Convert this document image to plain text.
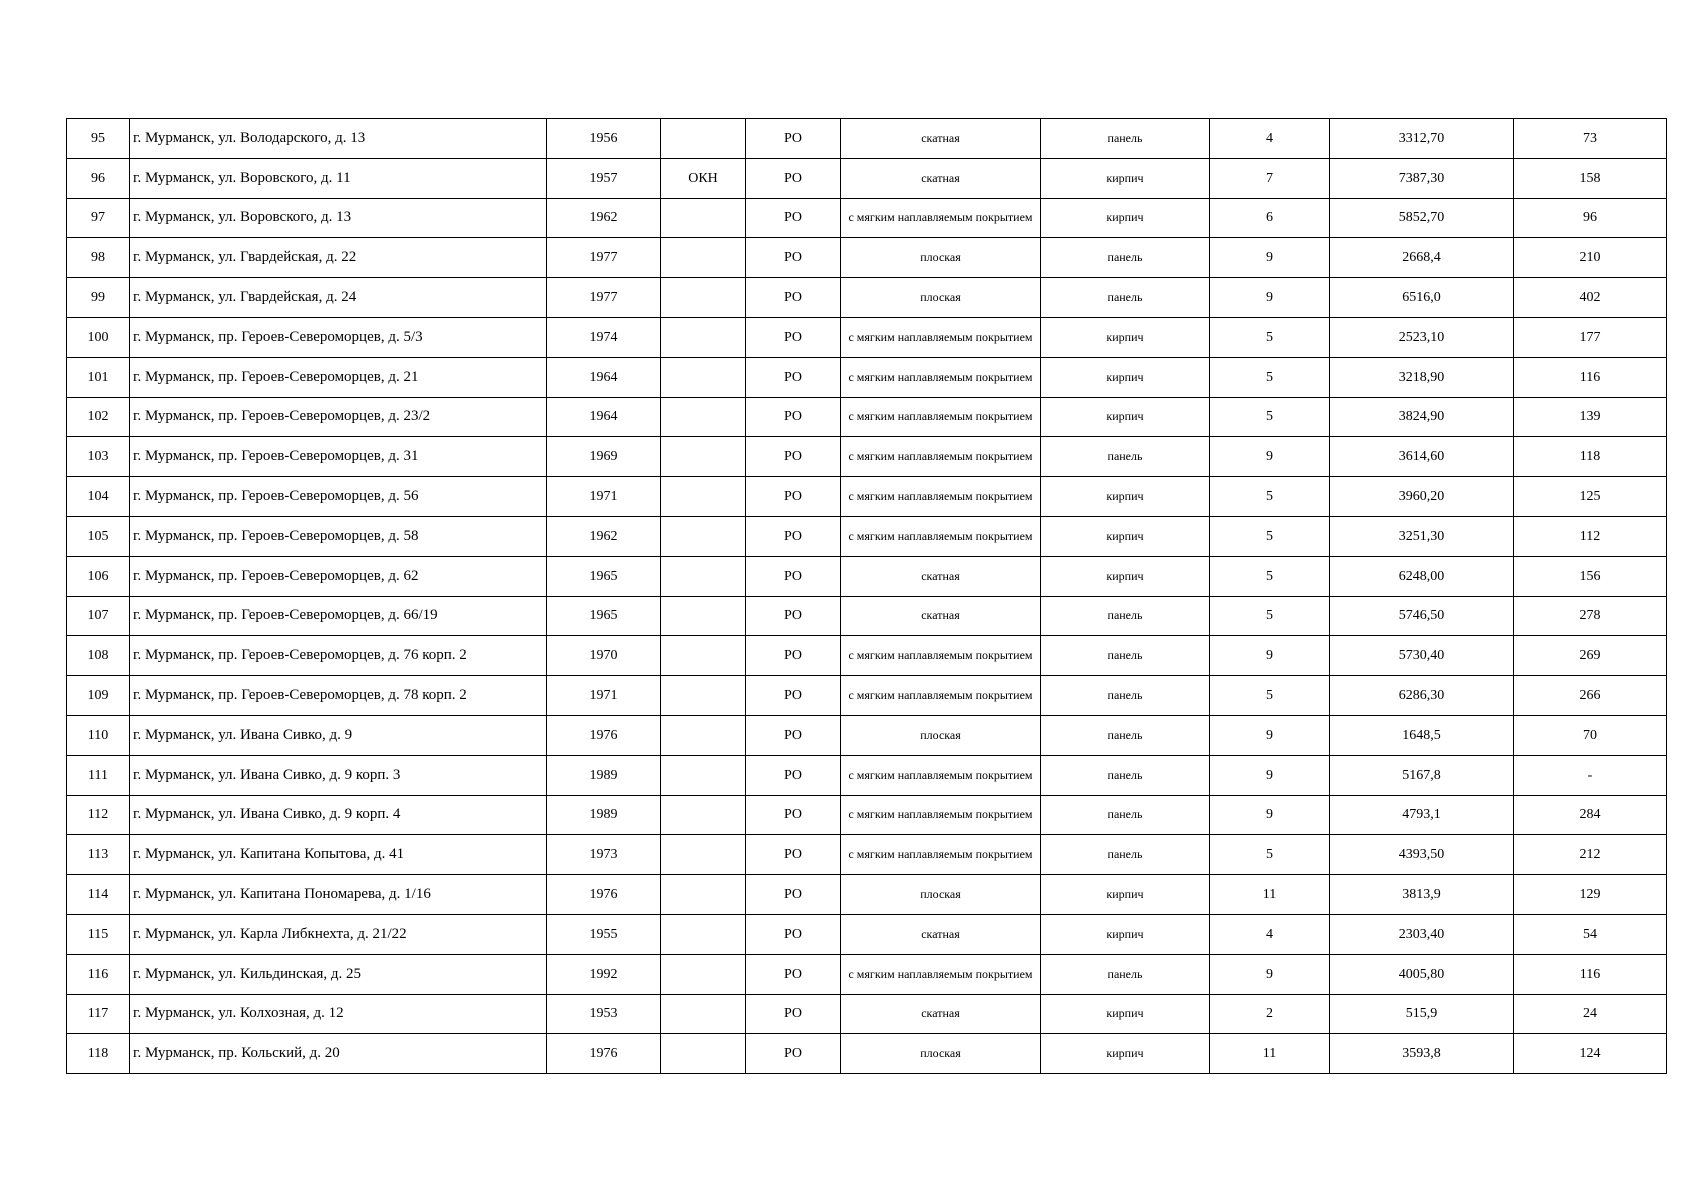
95	г. Мурманск, ул. Володарского, д. 13	1956		РО	скатная	панель	4	3312,70	73
96	г. Мурманск, ул. Воровского, д. 11	1957	ОКН	РО	скатная	кирпич	7	7387,30	158
97	г. Мурманск, ул. Воровского, д. 13	1962		РО	с мягким наплавляемым покрытием	кирпич	6	5852,70	96
98	г. Мурманск, ул. Гвардейская, д. 22	1977		РО	плоская	панель	9	2668,4	210
99	г. Мурманск, ул. Гвардейская, д. 24	1977		РО	плоская	панель	9	6516,0	402
100	г. Мурманск, пр. Героев-Североморцев, д. 5/3	1974		РО	с мягким наплавляемым покрытием	кирпич	5	2523,10	177
101	г. Мурманск, пр. Героев-Североморцев, д. 21	1964		РО	с мягким наплавляемым покрытием	кирпич	5	3218,90	116
102	г. Мурманск, пр. Героев-Североморцев, д. 23/2	1964		РО	с мягким наплавляемым покрытием	кирпич	5	3824,90	139
103	г. Мурманск, пр. Героев-Североморцев, д. 31	1969		РО	с мягким наплавляемым покрытием	панель	9	3614,60	118
104	г. Мурманск, пр. Героев-Североморцев, д. 56	1971		РО	с мягким наплавляемым покрытием	кирпич	5	3960,20	125
105	г. Мурманск, пр. Героев-Североморцев, д. 58	1962		РО	с мягким наплавляемым покрытием	кирпич	5	3251,30	112
106	г. Мурманск, пр. Героев-Североморцев, д. 62	1965		РО	скатная	кирпич	5	6248,00	156
107	г. Мурманск, пр. Героев-Североморцев, д. 66/19	1965		РО	скатная	панель	5	5746,50	278
108	г. Мурманск, пр. Героев-Североморцев, д. 76 корп. 2	1970		РО	с мягким наплавляемым покрытием	панель	9	5730,40	269
109	г. Мурманск, пр. Героев-Североморцев, д. 78 корп. 2	1971		РО	с мягким наплавляемым покрытием	панель	5	6286,30	266
110	г. Мурманск, ул. Ивана Сивко, д. 9	1976		РО	плоская	панель	9	1648,5	70
111	г. Мурманск, ул. Ивана Сивко, д. 9 корп. 3	1989		РО	с мягким наплавляемым покрытием	панель	9	5167,8	-
112	г. Мурманск, ул. Ивана Сивко, д. 9 корп. 4	1989		РО	с мягким наплавляемым покрытием	панель	9	4793,1	284
113	г. Мурманск, ул. Капитана Копытова, д. 41	1973		РО	с мягким наплавляемым покрытием	панель	5	4393,50	212
114	г. Мурманск, ул. Капитана Пономарева, д. 1/16	1976		РО	плоская	кирпич	11	3813,9	129
115	г. Мурманск, ул. Карла Либкнехта, д. 21/22	1955		РО	скатная	кирпич	4	2303,40	54
116	г. Мурманск, ул. Кильдинская, д. 25	1992		РО	с мягким наплавляемым покрытием	панель	9	4005,80	116
117	г. Мурманск, ул. Колхозная, д. 12	1953		РО	скатная	кирпич	2	515,9	24
118	г. Мурманск, пр. Кольский, д. 20	1976		РО	плоская	кирпич	11	3593,8	124
